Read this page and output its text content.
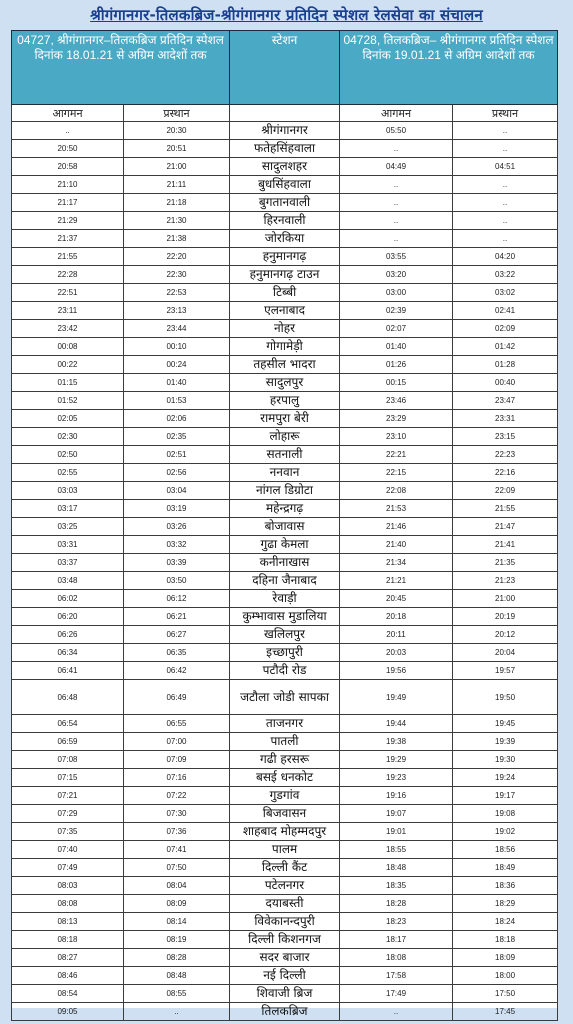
श्रीगंगानगर-तिलकब्रिज-श्रीगंगानगर प्रतिदिन स्पेशल रेलसेवा का संचालन
04727, श्रीगंगानगर–तिलकब्रिज प्रतिदिन स्पेशल दिनांक 18.01.21 से अग्रिम आदेशों तक		स्टेशन	04728, तिलकब्रिज– श्रीगंगानगर प्रतिदिन स्पेशल दिनांक 19.01.21 से अग्रिम आदेशों तक	
आगमन	प्रस्थान		आगमन	प्रस्थान
..	20:30	श्रीगंगानगर	05:50	..
20:50	20:51	फतेहसिंहवाला	..	..
20:58	21:00	सादुलशहर	04:49	04:51
21:10	21:11	बुधसिंहवाला	..	..
21:17	21:18	बुगतानवाली	..	..
21:29	21:30	हिरनवाली	..	..
21:37	21:38	जोरकिया	..	..
21:55	22:20	हनुमानगढ़	03:55	04:20
22:28	22:30	हनुमानगढ़ टाउन	03:20	03:22
22:51	22:53	टिब्बी	03:00	03:02
23:11	23:13	एलनाबाद	02:39	02:41
23:42	23:44	नोहर	02:07	02:09
00:08	00:10	गोगामेड़ी	01:40	01:42
00:22	00:24	तहसील भादरा	01:26	01:28
01:15	01:40	सादुलपुर	00:15	00:40
01:52	01:53	हरपालु	23:46	23:47
02:05	02:06	रामपुरा बेरी	23:29	23:31
02:30	02:35	लोहारू	23:10	23:15
02:50	02:51	सतनाली	22:21	22:23
02:55	02:56	ननवान	22:15	22:16
03:03	03:04	नांगल डिग्रोटा	22:08	22:09
03:17	03:19	महेन्द्रगढ़	21:53	21:55
03:25	03:26	बोजावास	21:46	21:47
03:31	03:32	गुढा केमला	21:40	21:41
03:37	03:39	कनीनाखास	21:34	21:35
03:48	03:50	दहिना जैनाबाद	21:21	21:23
06:02	06:12	रेवाड़ी	20:45	21:00
06:20	06:21	कुम्भावास मुडालिया	20:18	20:19
06:26	06:27	खलिलपुर	20:11	20:12
06:34	06:35	इच्छापुरी	20:03	20:04
06:41	06:42	पटौदी रोड	19:56	19:57
06:48	06:49	जटौला जोडी सापका	19:49	19:50
06:54	06:55	ताजनगर	19:44	19:45
06:59	07:00	पातली	19:38	19:39
07:08	07:09	गढी हरसरू	19:29	19:30
07:15	07:16	बसई धनकोट	19:23	19:24
07:21	07:22	गुडगांव	19:16	19:17
07:29	07:30	बिजवासन	19:07	19:08
07:35	07:36	शाहबाद मोहम्मदपुर	19:01	19:02
07:40	07:41	पालम	18:55	18:56
07:49	07:50	दिल्ली कैंट	18:48	18:49
08:03	08:04	पटेलनगर	18:35	18:36
08:08	08:09	दयाबस्ती	18:28	18:29
08:13	08:14	विवेकानन्दपुरी	18:23	18:24
08:18	08:19	दिल्ली किशनगज	18:17	18:18
08:27	08:28	सदर बाजार	18:08	18:09
08:46	08:48	नई दिल्ली	17:58	18:00
08:54	08:55	शिवाजी ब्रिज	17:49	17:50
09:05	..	तिलकब्रिज	..	17:45
